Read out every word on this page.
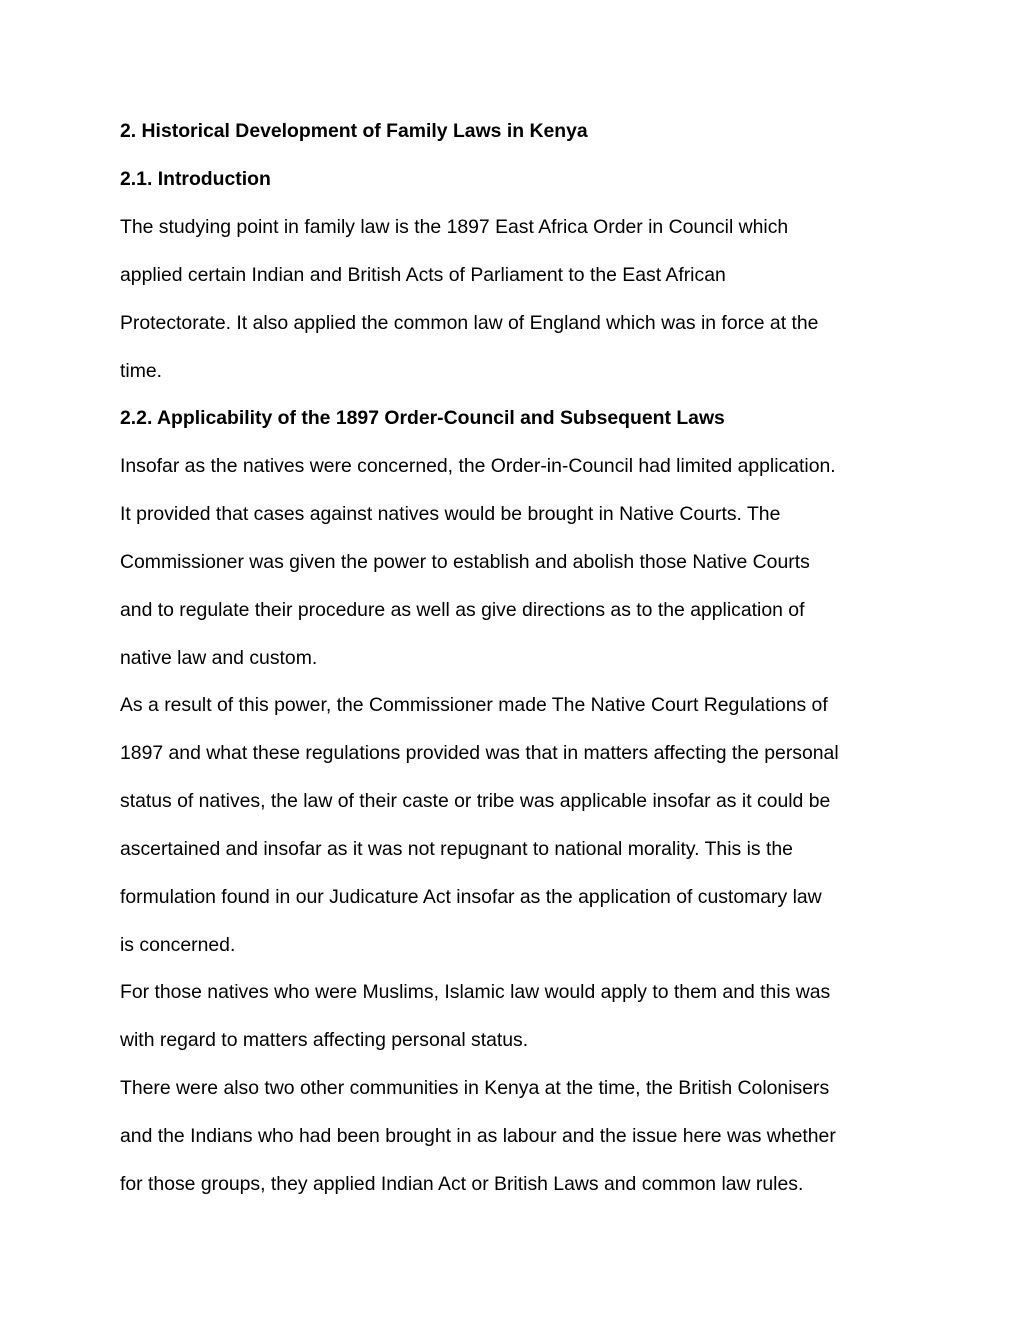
2. Historical Development of Family Laws in Kenya
2.1. Introduction
The studying point in family law is the 1897 East Africa Order in Council which
applied certain Indian and British Acts of Parliament to the East African
Protectorate. It also applied the common law of England which was in force at the
time.
2.2. Applicability of the 1897 Order-Council and Subsequent Laws
Insofar as the natives were concerned, the Order-in-Council had limited application.
It provided that cases against natives would be brought in Native Courts. The
Commissioner was given the power to establish and abolish those Native Courts
and to regulate their procedure as well as give directions as to the application of
native law and custom.
As a result of this power, the Commissioner made The Native Court Regulations of
1897 and what these regulations provided was that in matters affecting the personal
status of natives, the law of their caste or tribe was applicable insofar as it could be
ascertained and insofar as it was not repugnant to national morality. This is the
formulation found in our Judicature Act insofar as the application of customary law
is concerned.
For those natives who were Muslims, Islamic law would apply to them and this was
with regard to matters affecting personal status.
There were also two other communities in Kenya at the time, the British Colonisers
and the Indians who had been brought in as labour and the issue here was whether
for those groups, they applied Indian Act or British Laws and common law rules.
